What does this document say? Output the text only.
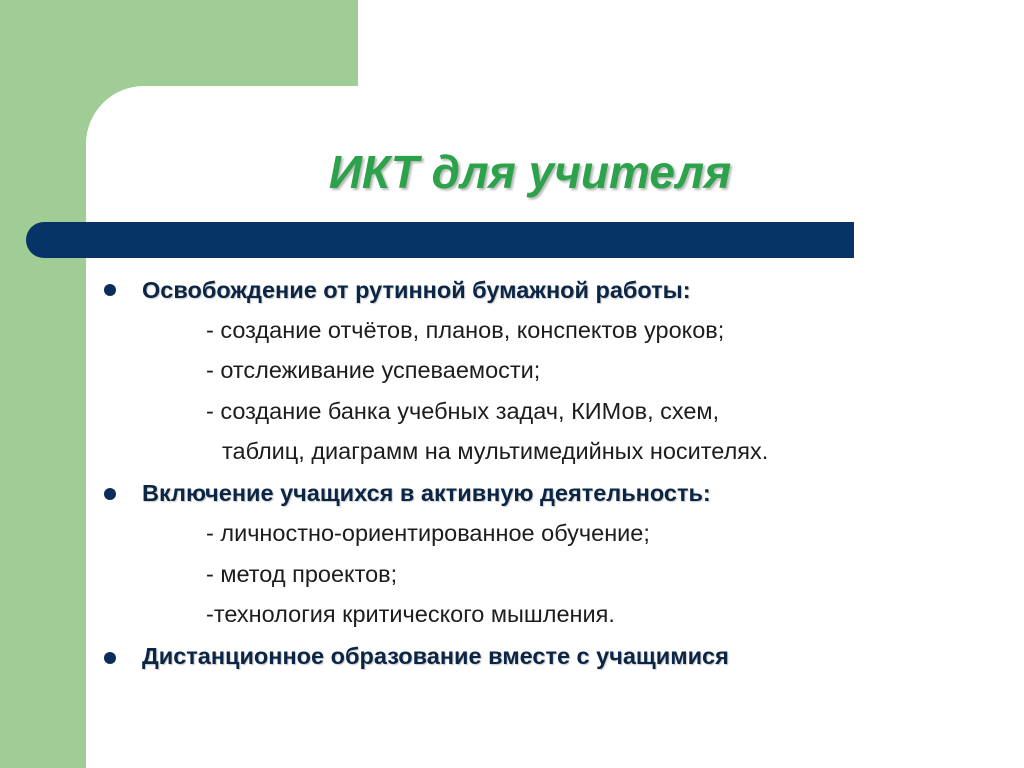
ИКТ для учителя
Освобождение от рутинной бумажной работы:
- создание отчётов, планов, конспектов уроков;
- отслеживание успеваемости;
- создание банка учебных задач, КИМов, схем,
таблиц, диаграмм на мультимедийных носителях.
Включение учащихся в активную деятельность:
- личностно-ориентированное обучение;
- метод проектов;
-технология критического мышления.
Дистанционное образование вместе с учащимися
